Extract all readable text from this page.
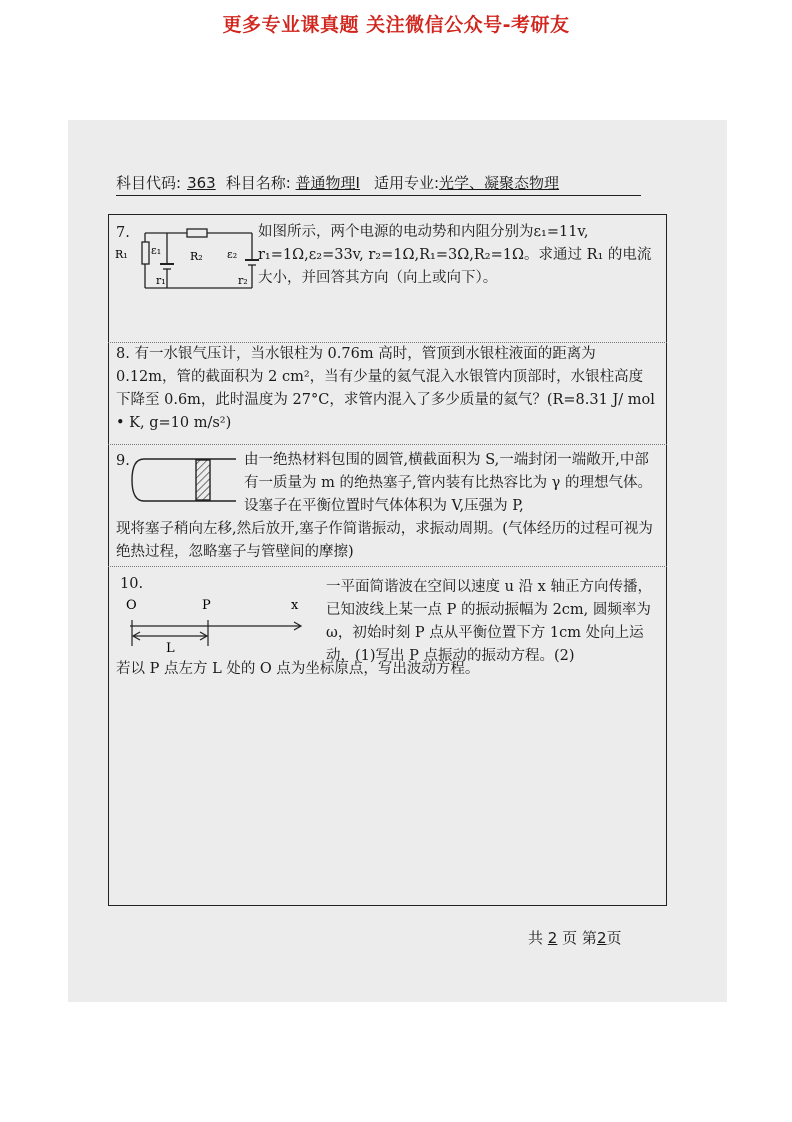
更多专业课真题 关注微信公众号-考研友
科目代码: 363 科目名称: 普通物理Ⅰ 适用专业:光学、凝聚态物理
7.
R₁ ε₁
r₁
R₂ ε₂
r₂
如图所示，两个电源的电动势和内阻分别为ε₁=11v, r₁=1Ω,ε₂=33v, r₂=1Ω,R₁=3Ω,R₂=1Ω。求通过 R₁ 的电流大小，并回答其方向（向上或向下）。
8. 有一水银气压计，当水银柱为 0.76m 高时，管顶到水银柱液面的距离为 0.12m，管的截面积为 2 cm²，当有少量的氦气混入水银管内顶部时，水银柱高度下降至 0.6m，此时温度为 27°C，求管内混入了多少质量的氦气？(R=8.31 J/ mol • K, g=10 m/s²)
9.	由一绝热材料包围的圆管,横截面积为 S,一端封闭一端敞开,中部有一质量为 m 的绝热塞子,管内装有比热容比为 γ 的理想气体。设塞子在平衡位置时气体体积为 V,压强为 P,
现将塞子稍向左移,然后放开,塞子作简谐振动，求振动周期。(气体经历的过程可视为绝热过程，忽略塞子与管壁间的摩擦)
10.
O	P	x
L
一平面简谐波在空间以速度 u 沿 x 轴正方向传播，已知波线上某一点 P 的振动振幅为 2cm, 圆频率为 ω，初始时刻 P 点从平衡位置下方 1cm 处向上运动，(1)写出 P 点振动的振动方程。(2)
若以 P 点左方 L 处的 O 点为坐标原点，写出波动方程。
共 2 页 第2页
